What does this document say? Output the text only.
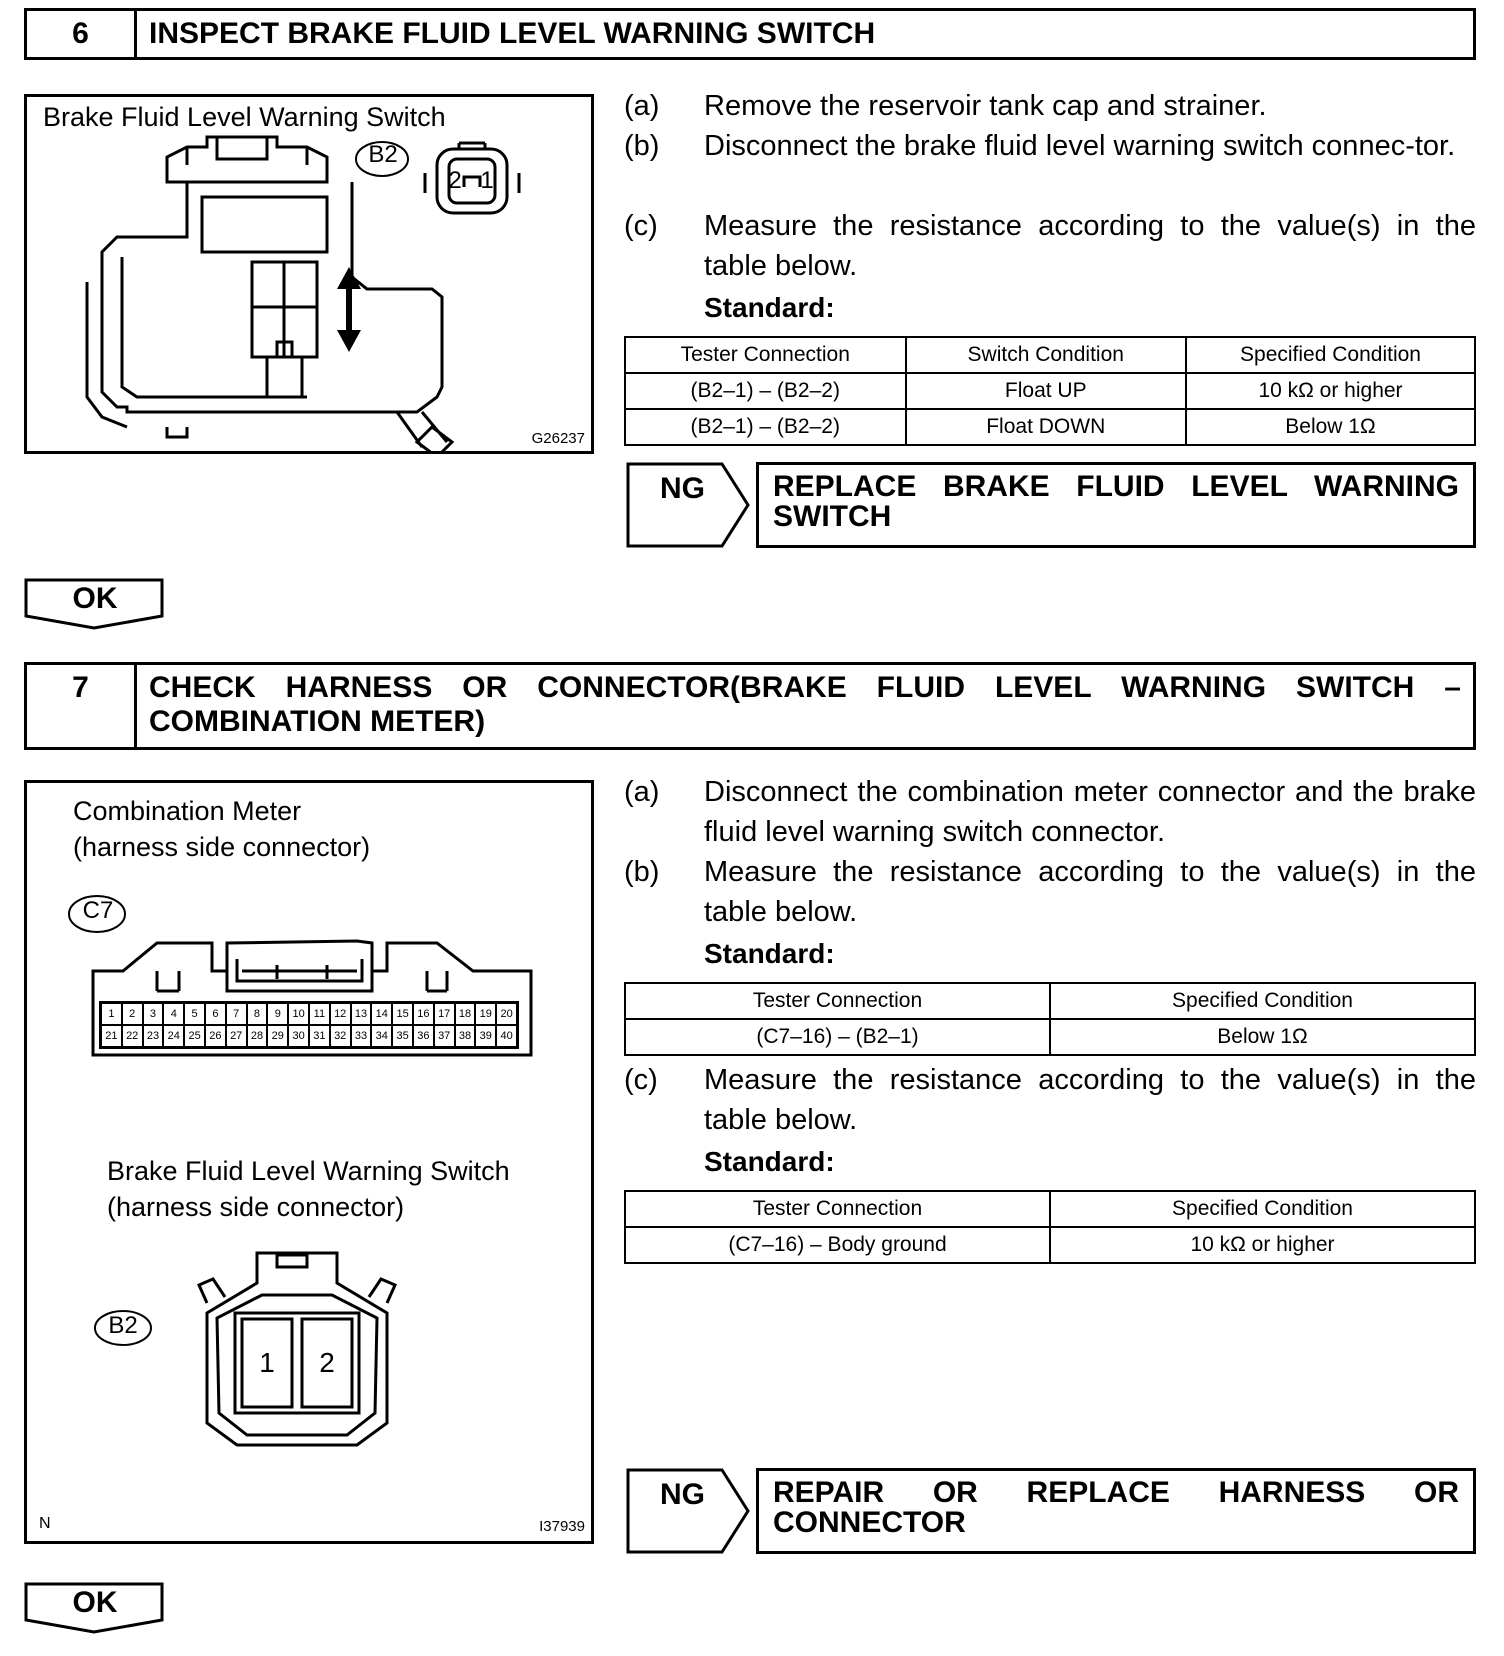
6	INSPECT BRAKE FLUID LEVEL WARNING SWITCH
Brake Fluid Level Warning Switch
B2
2 1
G26237
(a) Remove the reservoir tank cap and strainer.
(b) Disconnect the brake fluid level warning switch connec-tor.
(c) Measure the resistance according to the value(s) in the table below.
Standard:
Tester Connection	Switch Condition	Specified Condition
(B2–1) – (B2–2)	Float UP	10 kΩ or higher
(B2–1) – (B2–2)	Float DOWN	Below 1Ω
NG REPLACE BRAKE FLUID LEVEL WARNING
SWITCH
OK
7	CHECK HARNESS OR CONNECTOR(BRAKE FLUID LEVEL WARNING SWITCH –
COMBINATION METER)
Combination Meter
(harness side connector)
C7
1	2	3	4	5	6	7	8	9	10 11 12 13 14 15 16 17 18 19 20
21 22 23 24 25 26 27 28 29 30 31 32 33 34 35 36 37 38 39 40
Brake Fluid Level Warning Switch
(harness side connector)
B2
1	2
N	I37939
(a) Disconnect the combination meter connector and the brake fluid level warning switch connector.
(b) Measure the resistance according to the value(s) in the table below.
Standard:
Tester Connection	Specified Condition
(C7–16) – (B2–1)	Below 1Ω
(c) Measure the resistance according to the value(s) in the table below.
Standard:
Tester Connection	Specified Condition
(C7–16) – Body ground	10 kΩ or higher
NG REPAIR OR REPLACE HARNESS OR
CONNECTOR
OK
